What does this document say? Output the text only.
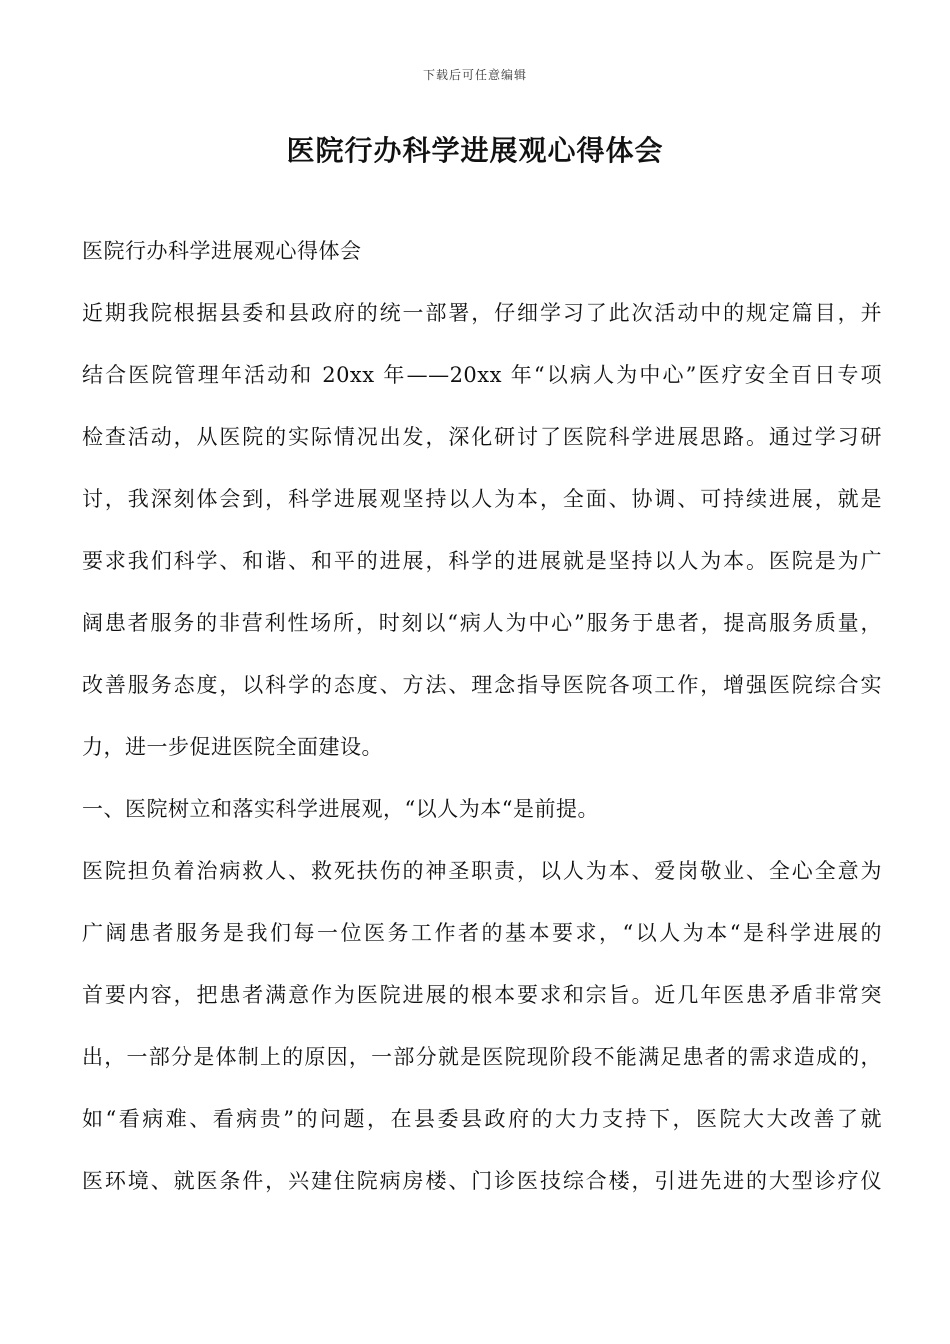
下载后可任意编辑
医院行办科学进展观心得体会
医院行办科学进展观心得体会
近期我院根据县委和县政府的统一部署，仔细学习了此次活动中的规定篇目，并
结合医院管理年活动和 20xx 年——20xx 年“以病人为中心”医疗安全百日专项
检查活动，从医院的实际情况出发，深化研讨了医院科学进展思路。通过学习研
讨，我深刻体会到，科学进展观坚持以人为本，全面、协调、可持续进展，就是
要求我们科学、和谐、和平的进展，科学的进展就是坚持以人为本。医院是为广
阔患者服务的非营利性场所，时刻以“病人为中心”服务于患者，提高服务质量，
改善服务态度，以科学的态度、方法、理念指导医院各项工作，增强医院综合实
力，进一步促进医院全面建设。
一、医院树立和落实科学进展观，“以人为本“是前提。
医院担负着治病救人、救死扶伤的神圣职责，以人为本、爱岗敬业、全心全意为
广阔患者服务是我们每一位医务工作者的基本要求，“以人为本“是科学进展的
首要内容，把患者满意作为医院进展的根本要求和宗旨。近几年医患矛盾非常突
出，一部分是体制上的原因，一部分就是医院现阶段不能满足患者的需求造成的，
如“看病难、看病贵”的问题，在县委县政府的大力支持下，医院大大改善了就
医环境、就医条件，兴建住院病房楼、门诊医技综合楼，引进先进的大型诊疗仪
